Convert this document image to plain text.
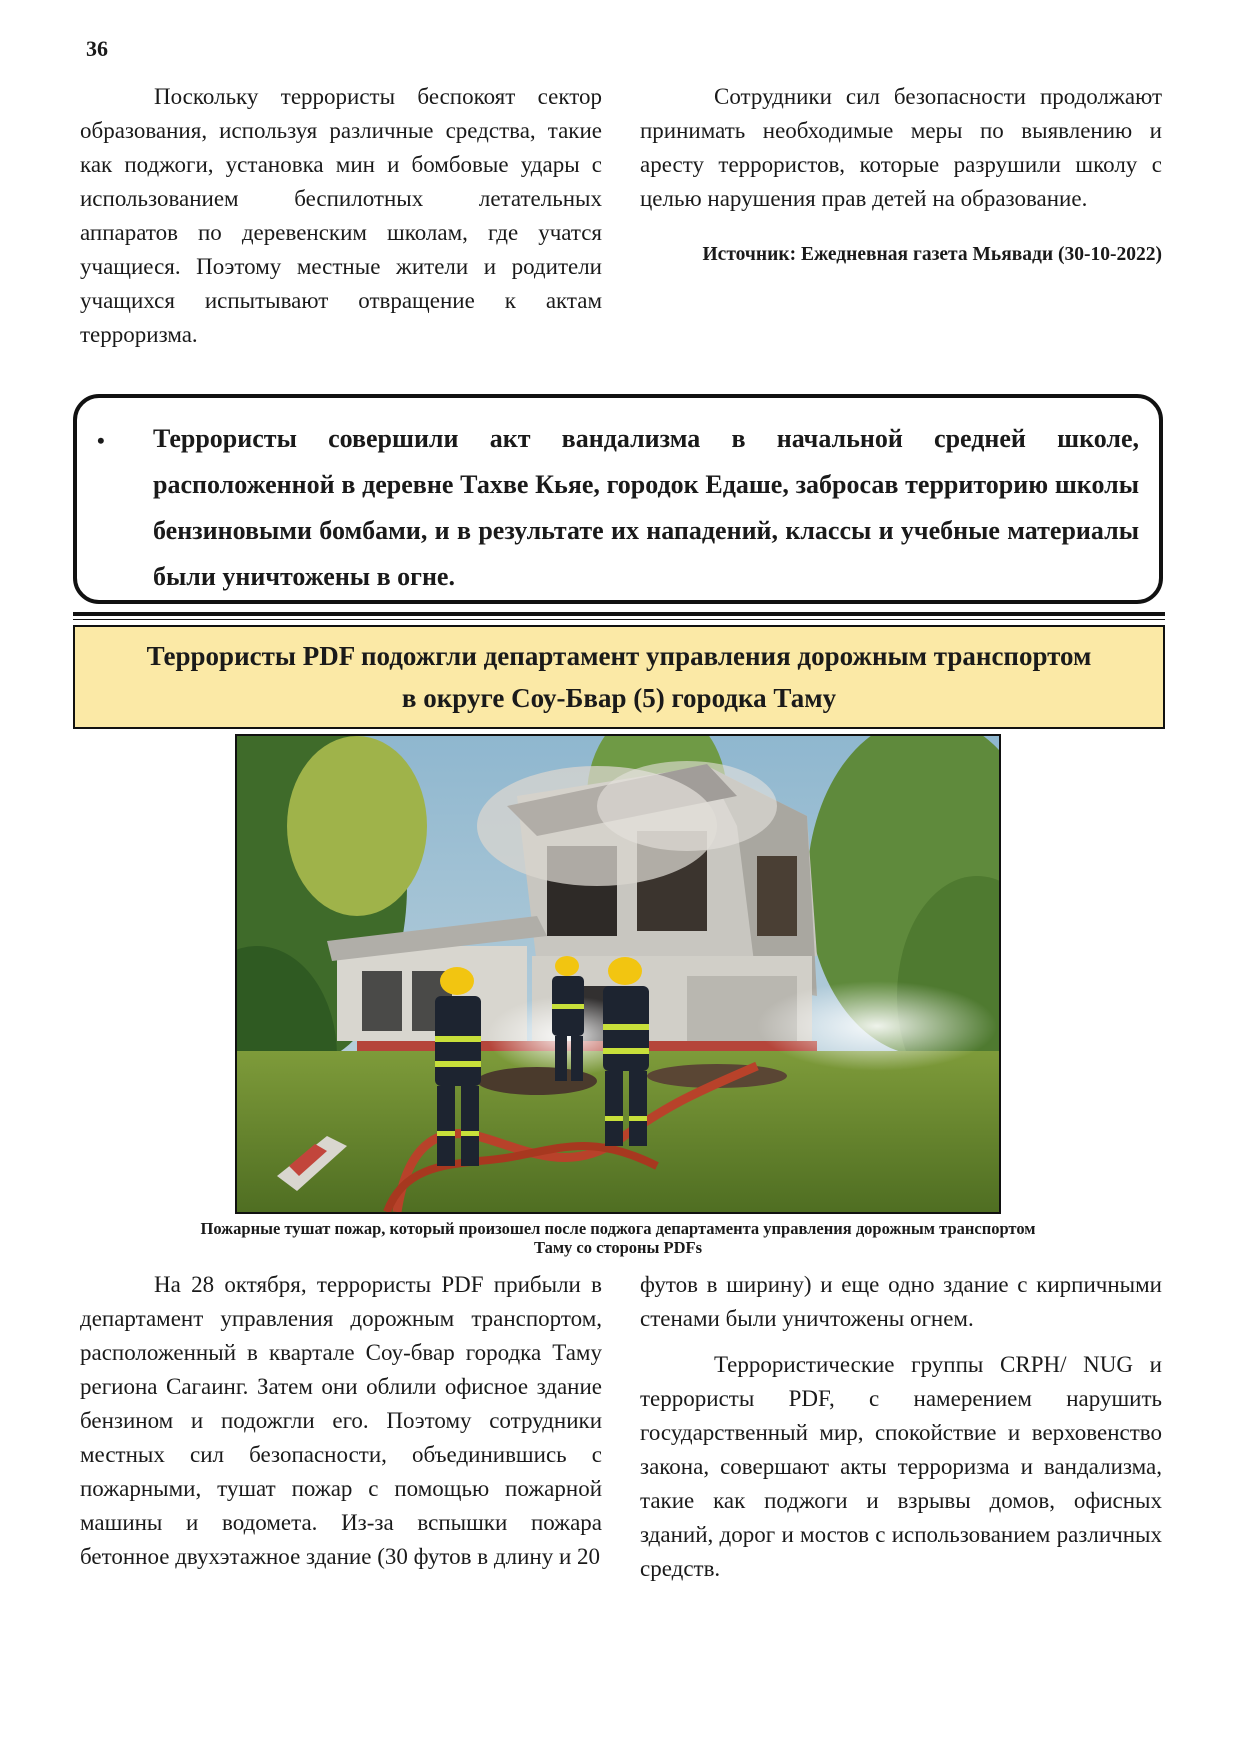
36

Поскольку террористы беспокоят сектор образования, используя различные средства, такие как поджоги, установка мин и бомбовые удары с использованием беспилотных летательных аппаратов по деревенским школам, где учатся учащиеся. Поэтому местные жители и родители учащихся испытывают отвращение к актам терроризма.

Сотрудники сил безопасности продолжают принимать необходимые меры по выявлению и аресту террористов, которые разрушили школу с целью нарушения прав детей на образование.

Источник: Ежедневная газета Мьявади (30-10-2022)

•	Террористы совершили акт вандализма в начальной средней школе, расположенной в деревне Тахве Кьяе, городок Едаше, забросав территорию школы бензиновыми бомбами, и в результате их нападений, классы и учебные материалы были уничтожены в огне.

Террористы PDF подожгли департамент управления дорожным транспортом в округе Соу-Бвар (5) городка Таму
Пожарные тушат пожар, который произошел после поджога департамента управления дорожным транспортом Таму со стороны PDFs

На 28 октября, террористы PDF прибыли в департамент управления дорожным транспортом, расположенный в квартале Соу-бвар городка Таму региона Сагаинг. Затем они облили офисное здание бензином и подожгли его. Поэтому сотрудники местных сил безопасности, объединившись с пожарными, тушат пожар с помощью пожарной машины и водомета. Из-за вспышки пожара бетонное двухэтажное здание (30 футов в длину и 20

футов в ширину) и еще одно здание с кирпичными стенами были уничтожены огнем.

Террористические группы CRPH/ NUG и террористы PDF, с намерением нарушить государственный мир, спокойствие и верховенство закона, совершают акты терроризма и вандализма, такие как поджоги и взрывы домов, офисных зданий, дорог и мостов с использованием различных средств.
